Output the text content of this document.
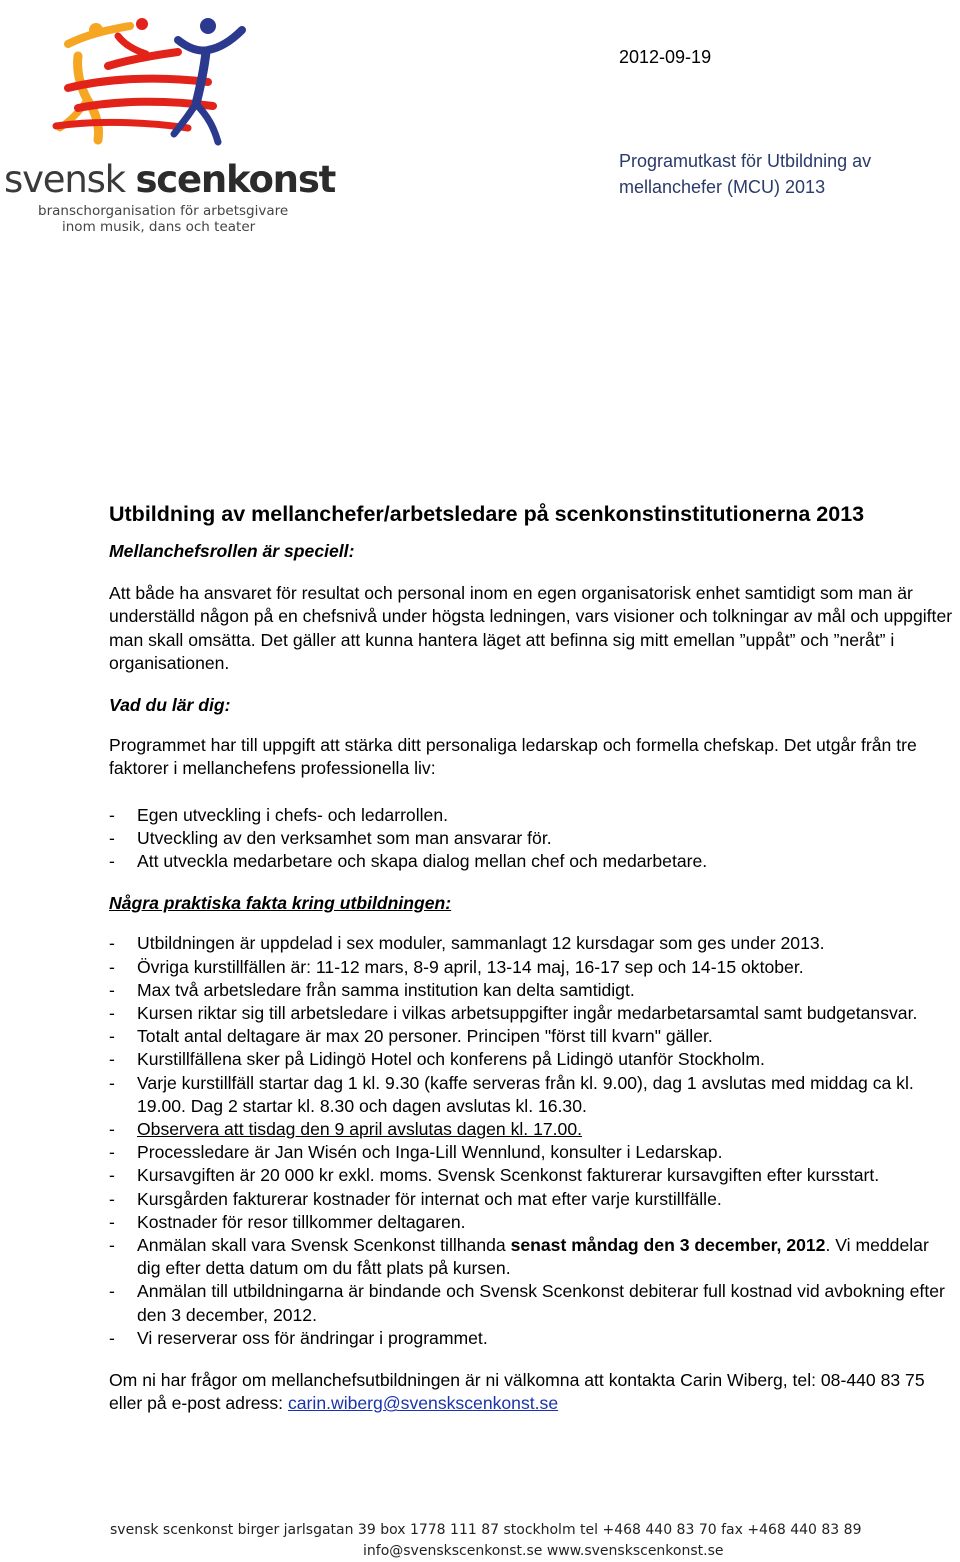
svensk scenkonst
branschorganisation för arbetsgivare
inom musik, dans och teater
2012-09-19
Programutkast för Utbildning av
mellanchefer (MCU) 2013
Utbildning av mellanchefer/arbetsledare på scenkonstinstitutionerna 2013

Mellanchefsrollen är speciell:

Att både ha ansvaret för resultat och personal inom en egen organisatorisk enhet samtidigt som man är underställd någon på en chefsnivå under högsta ledningen, vars visioner och tolkningar av mål och uppgifter man skall omsätta. Det gäller att kunna hantera läget att befinna sig mitt emellan ”uppåt” och ”neråt” i organisationen.

Vad du lär dig:

Programmet har till uppgift att stärka ditt personaliga ledarskap och formella chefskap. Det utgår från tre faktorer i mellanchefens professionella liv:

- Egen utveckling i chefs- och ledarrollen.
- Utveckling av den verksamhet som man ansvarar för.
- Att utveckla medarbetare och skapa dialog mellan chef och medarbetare.

Några praktiska fakta kring utbildningen:

- Utbildningen är uppdelad i sex moduler, sammanlagt 12 kursdagar som ges under 2013.
- Övriga kurstillfällen är: 11-12 mars, 8-9 april, 13-14 maj, 16-17 sep och 14-15 oktober.
- Max två arbetsledare från samma institution kan delta samtidigt.
- Kursen riktar sig till arbetsledare i vilkas arbetsuppgifter ingår medarbetarsamtal samt budgetansvar.
- Totalt antal deltagare är max 20 personer. Principen "först till kvarn" gäller.
- Kurstillfällena sker på Lidingö Hotel och konferens på Lidingö utanför Stockholm.
- Varje kurstillfäll startar dag 1 kl. 9.30 (kaffe serveras från kl. 9.00), dag 1 avslutas med middag ca kl. 19.00. Dag 2 startar kl. 8.30 och dagen avslutas kl. 16.30.
- Observera att tisdag den 9 april avslutas dagen kl. 17.00.
- Processledare är Jan Wisén och Inga-Lill Wennlund, konsulter i Ledarskap.
- Kursavgiften är 20 000 kr exkl. moms. Svensk Scenkonst fakturerar kursavgiften efter kursstart.
- Kursgården fakturerar kostnader för internat och mat efter varje kurstillfälle.
- Kostnader för resor tillkommer deltagaren.
- Anmälan skall vara Svensk Scenkonst tillhanda senast måndag den 3 december, 2012. Vi meddelar dig efter detta datum om du fått plats på kursen.
- Anmälan till utbildningarna är bindande och Svensk Scenkonst debiterar full kostnad vid avbokning efter den 3 december, 2012.
- Vi reserverar oss för ändringar i programmet.

Om ni har frågor om mellanchefsutbildningen är ni välkomna att kontakta Carin Wiberg, tel: 08-440 83 75 eller på e-post adress: carin.wiberg@svenskscenkonst.se

svensk scenkonst birger jarlsgatan 39 box 1778 111 87 stockholm tel +468 440 83 70 fax +468 440 83 89
info@svenskscenkonst.se www.svenskscenkonst.se
